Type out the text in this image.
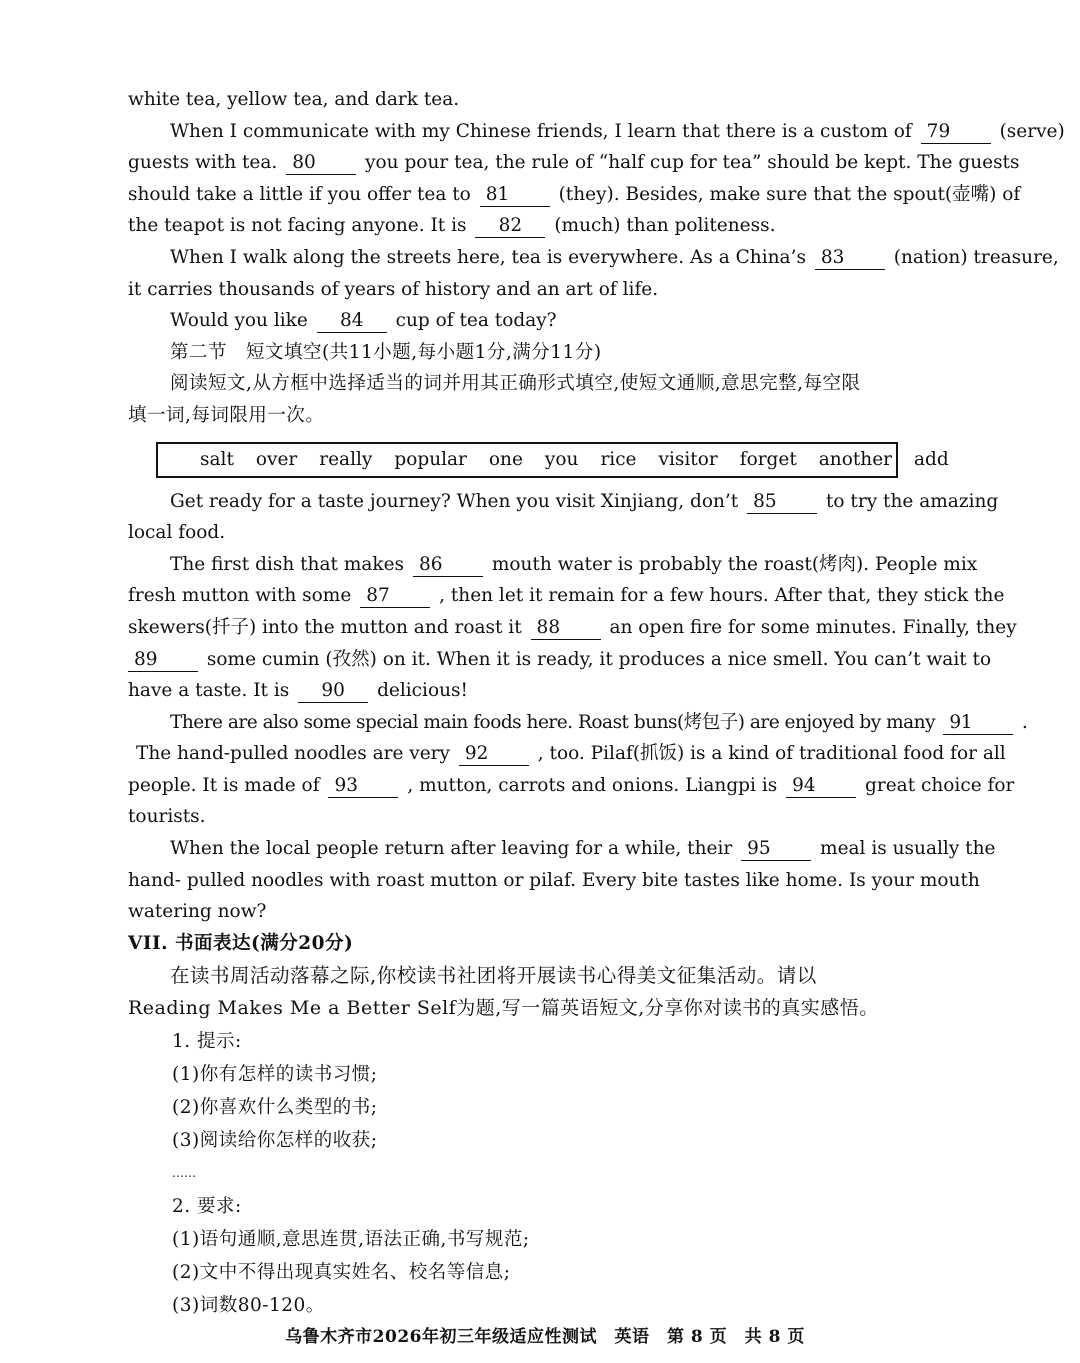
white tea, yellow tea, and dark tea.
When I communicate with my Chinese friends, I learn that there is a custom of 79	(serve)
guests with tea. 80	you pour tea, the rule of “half cup for tea” should be kept. The guests
should take a little if you offer tea to 81	(they). Besides, make sure that the spout(壶嘴) of
the teapot is not facing anyone. It is 82 (much) than politeness.
When I walk along the streets here, tea is everywhere. As a China’s 83	(nation) treasure,
it carries thousands of years of history and an art of life.
Would you like 84 cup of tea today?
第二节　短文填空(共11小题,每小题1分,满分11分)
阅读短文,从方框中选择适当的词并用其正确形式填空,使短文通顺,意思完整,每空限
填一词,每词限用一次。
salt over really popular one you rice visitor forget another add
Get ready for a taste journey? When you visit Xinjiang, don’t 85	to try the amazing
local food.
The first dish that makes 86	mouth water is probably the roast(烤肉). People mix
fresh mutton with some 87	, then let it remain for a few hours. After that, they stick the
skewers(扦子) into the mutton and roast it 88	an open fire for some minutes. Finally, they
89	some cumin (孜然) on it. When it is ready, it produces a nice smell. You can’t wait to
have a taste. It is 90 delicious!
There are also some special main foods here. Roast buns(烤包子) are enjoyed by many 91	.
The hand-pulled noodles are very 92	, too. Pilaf(抓饭) is a kind of traditional food for all
people. It is made of 93	, mutton, carrots and onions. Liangpi is 94	great choice for
tourists.
When the local people return after leaving for a while, their 95	meal is usually the
hand- pulled noodles with roast mutton or pilaf. Every bite tastes like home. Is your mouth
watering now?
VII. 书面表达(满分20分)
在读书周活动落幕之际,你校读书社团将开展读书心得美文征集活动。请以
Reading Makes Me a Better Self为题,写一篇英语短文,分享你对读书的真实感悟。
1. 提示:
(1)你有怎样的读书习惯;
(2)你喜欢什么类型的书;
(3)阅读给你怎样的收获;
……
2. 要求:
(1)语句通顺,意思连贯,语法正确,书写规范;
(2)文中不得出现真实姓名、校名等信息;
(3)词数80-120。
乌鲁木齐市2026年初三年级适应性测试　英语　第 8 页　共 8 页
